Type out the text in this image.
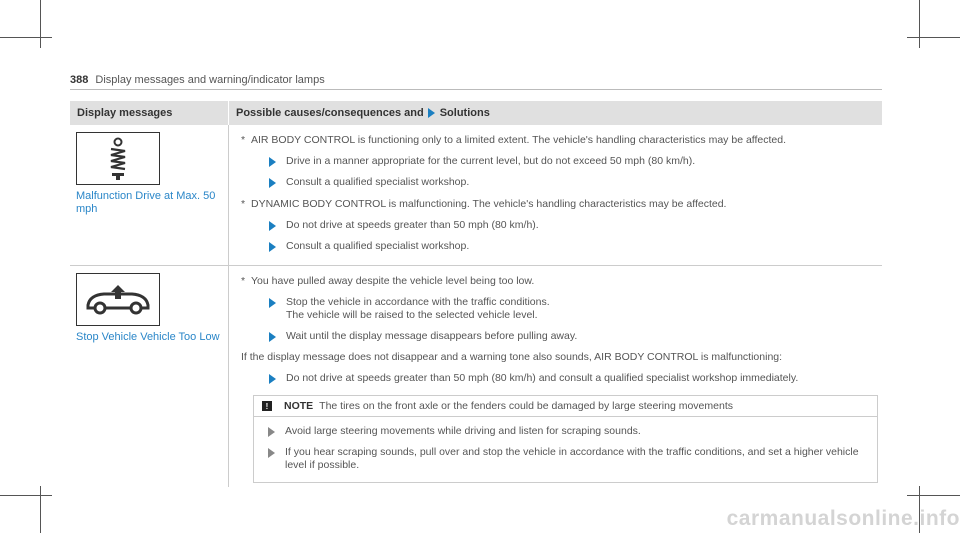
388 Display messages and warning/indicator lamps
Display messages	Possible causes/consequences and Solutions
Malfunction Drive at Max. 50 mph
* AIR BODY CONTROL is functioning only to a limited extent. The vehicle's handling characteristics may be affected.
Drive in a manner appropriate for the current level, but do not exceed 50 mph (80 km/h).
Consult a qualified specialist workshop.
* DYNAMIC BODY CONTROL is malfunctioning. The vehicle's handling characteristics may be affected.
Do not drive at speeds greater than 50 mph (80 km/h).
Consult a qualified specialist workshop.
Stop Vehicle Vehicle Too Low
* You have pulled away despite the vehicle level being too low.
Stop the vehicle in accordance with the traffic conditions.
The vehicle will be raised to the selected vehicle level.
Wait until the display message disappears before pulling away.
If the display message does not disappear and a warning tone also sounds, AIR BODY CONTROL is malfunctioning:
Do not drive at speeds greater than 50 mph (80 km/h) and consult a qualified specialist workshop immediately.
!	NOTE The tires on the front axle or the fenders could be damaged by large steering movements
Avoid large steering movements while driving and listen for scraping sounds.
If you hear scraping sounds, pull over and stop the vehicle in accordance with the traffic conditions, and set a higher vehicle level if possible.
carmanualsonline.info
